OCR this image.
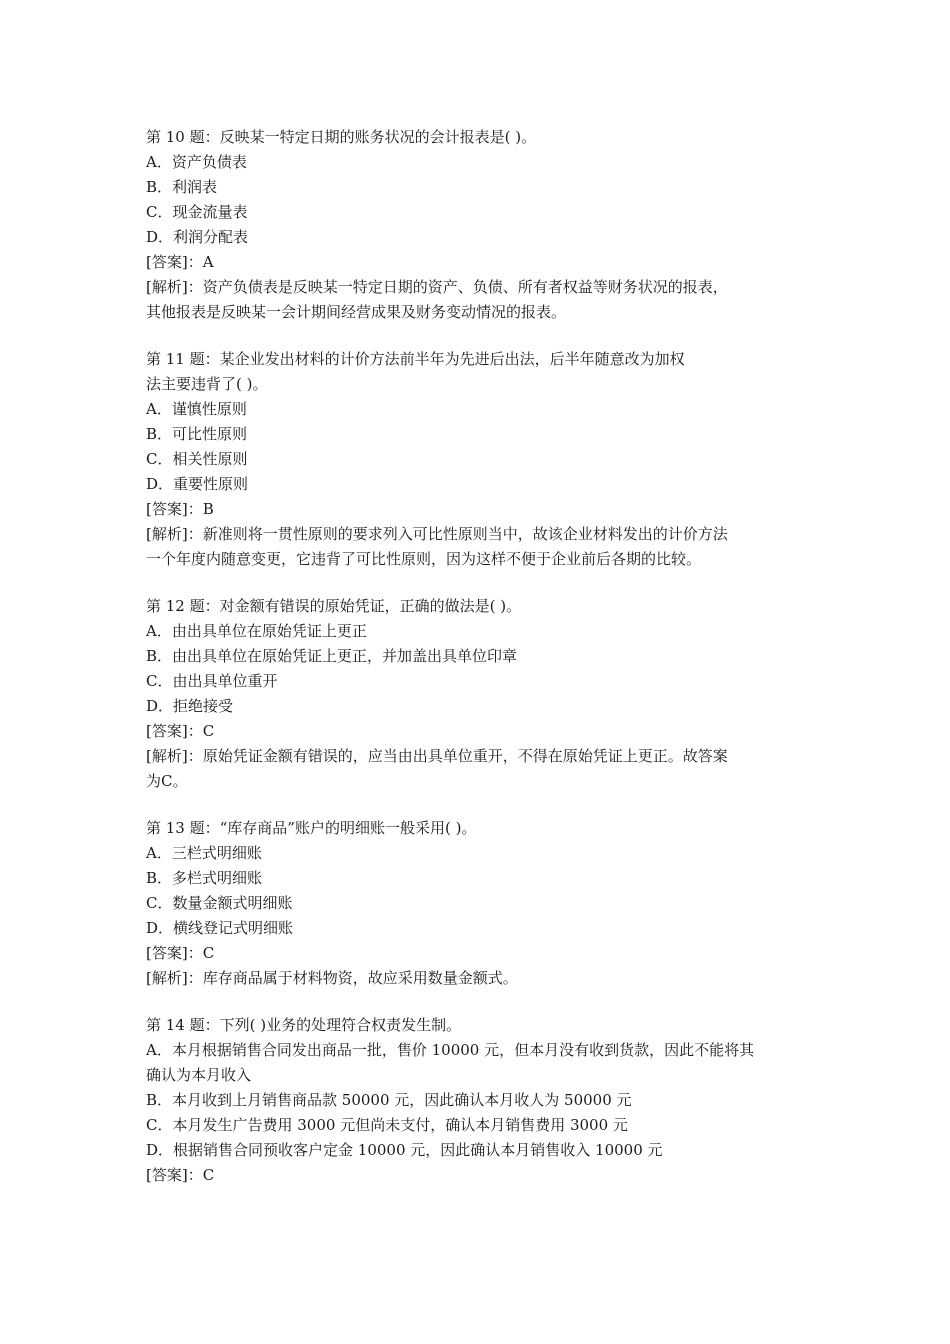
第 10 题：反映某一特定日期的账务状况的会计报表是( )。

A．资产负债表

B．利润表

C．现金流量表

D．利润分配表

[答案]：A

[解析]：资产负债表是反映某一特定日期的资产、负债、所有者权益等财务状况的报表，

其他报表是反映某一会计期间经营成果及财务变动情况的报表。

第 11 题：某企业发出材料的计价方法前半年为先进后出法，后半年随意改为加权

法主要违背了( )。

A．谨慎性原则

B．可比性原则

C．相关性原则

D．重要性原则

[答案]：B

[解析]：新准则将一贯性原则的要求列入可比性原则当中，故该企业材料发出的计价方法

一个年度内随意变更，它违背了可比性原则，因为这样不便于企业前后各期的比较。

第 12 题：对金额有错误的原始凭证，正确的做法是( )。

A．由出具单位在原始凭证上更正

B．由出具单位在原始凭证上更正，并加盖出具单位印章

C．由出具单位重开

D．拒绝接受

[答案]：C

[解析]：原始凭证金额有错误的，应当由出具单位重开，不得在原始凭证上更正。故答案

为C。

第 13 题：“库存商品”账户的明细账一般采用( )。

A．三栏式明细账

B．多栏式明细账

C．数量金额式明细账

D．横线登记式明细账

[答案]：C

[解析]：库存商品属于材料物资，故应采用数量金额式。

第 14 题：下列( )业务的处理符合权责发生制。

A．本月根据销售合同发出商品一批，售价 10000 元，但本月没有收到货款，因此不能将其

确认为本月收入

B．本月收到上月销售商品款 50000 元，因此确认本月收人为 50000 元

C．本月发生广告费用 3000 元但尚未支付，确认本月销售费用 3000 元

D．根据销售合同预收客户定金 10000 元，因此确认本月销售收入 10000 元

[答案]：C
